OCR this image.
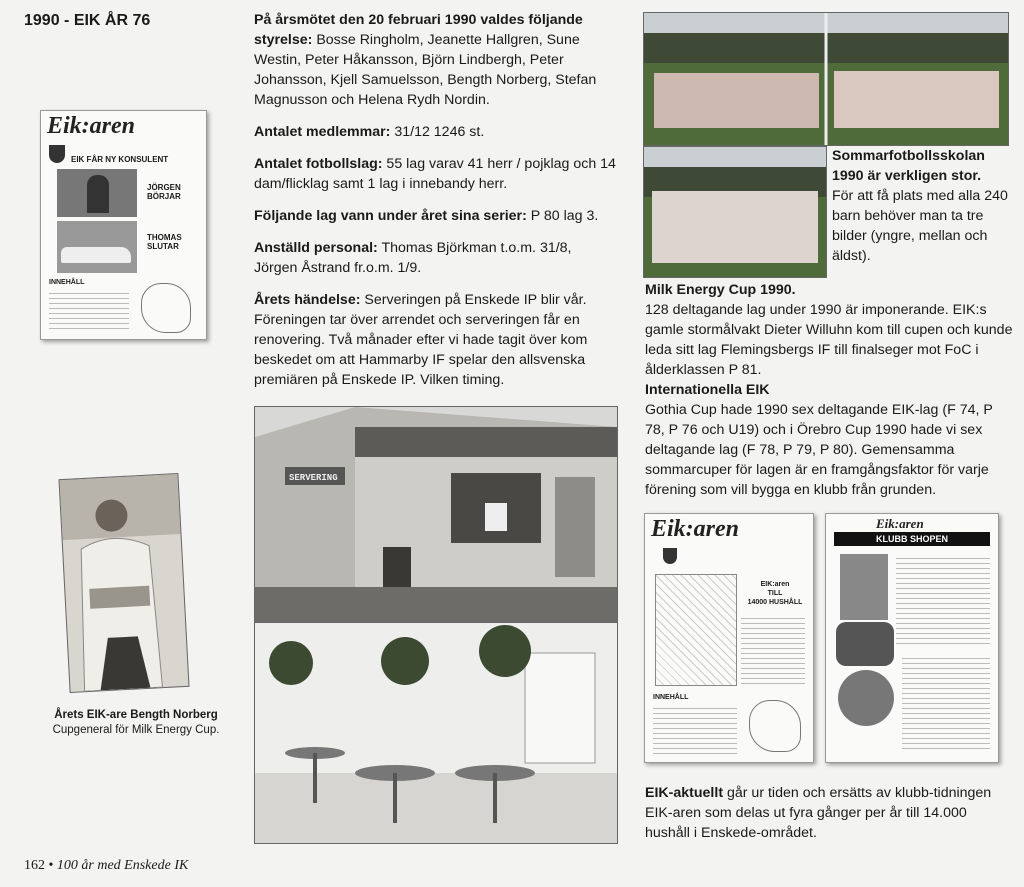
1990 - EIK ÅR 76
Eik:aren
EIK FÅR NY KONSULENT
JÖRGEN
BÖRJAR
THOMAS
SLUTAR
INNEHÅLL
Årets EIK-are Bength Norberg
Cupgeneral för Milk Energy Cup.

På årsmötet den 20 februari 1990 valdes följande styrelse: Bosse Ringholm, Jeanette Hallgren, Sune Westin, Peter Håkansson, Björn Lindbergh, Peter Johansson, Kjell Samuelsson, Bength Norberg, Stefan Magnusson och Helena Rydh Nordin.

Antalet medlemmar: 31/12 1246 st.

Antalet fotbollslag: 55 lag varav 41 herr / pojklag och 14 dam/flicklag samt 1 lag i innebandy herr.

Följande lag vann under året sina serier: P 80 lag 3.

Anställd personal: Thomas Björkman t.o.m. 31/8, Jörgen Åstrand fr.o.m. 1/9.

Årets händelse: Serveringen på Enskede IP blir vår. Föreningen tar över arrendet och serveringen får en renovering. Två månader efter vi hade tagit över kom beskedet om att Hammarby IF spelar den allsvenska premiären på Enskede IP. Vilken timing.

SERVERING
Sommarfotbollsskolan 1990 är verkligen stor.
För att få plats med alla 240 barn behöver man ta tre bilder (yngre, mellan och äldst).
Milk Energy Cup 1990.
128 deltagande lag under 1990 är imponerande. EIK:s gamle stormålvakt Dieter Willuhn kom till cupen och kunde leda sitt lag Flemingsbergs IF till finalseger mot FoC i ålderklassen P 81.
Internationella EIK
Gothia Cup hade 1990 sex deltagande EIK-lag (F 74, P 78, P 76 och U19) och i Örebro Cup 1990 hade vi sex deltagande lag (F 78, P 79, P 80). Gemensamma sommarcuper för lagen är en framgångsfaktor för varje förening som vill bygga en klubb från grunden.
Eik:aren
EIK:aren
TILL
14000 HUSHÅLL
INNEHÅLL
Eik:aren
KLUBB SHOPEN
EIK-aktuellt går ur tiden och ersätts av klubb-tidningen EIK-aren som delas ut fyra gånger per år till 14.000 hushåll i Enskede-området.
162 • 100 år med Enskede IK
